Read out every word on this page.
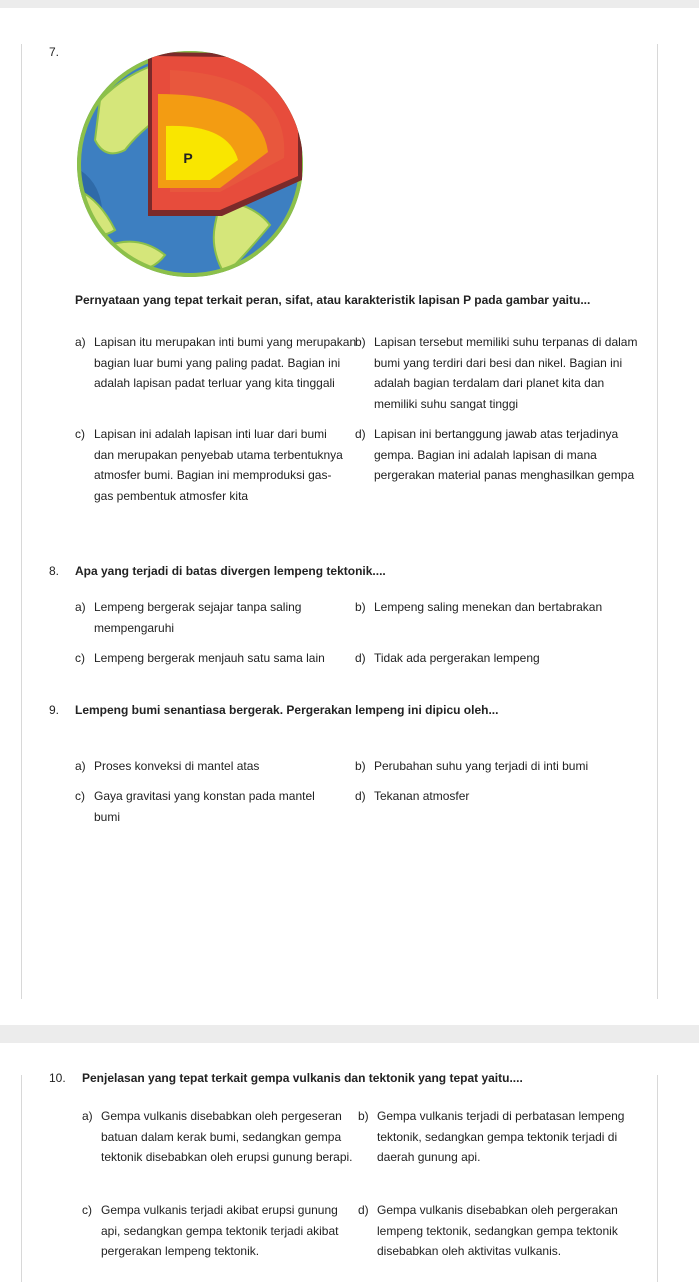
7.
P
Pernyataan yang tepat terkait peran, sifat, atau karakteristik lapisan P pada gambar yaitu...
a) Lapisan itu merupakan inti bumi yang merupakan bagian luar bumi yang paling padat. Bagian ini adalah lapisan padat terluar yang kita tinggali
b) Lapisan tersebut memiliki suhu terpanas di dalam bumi yang terdiri dari besi dan nikel. Bagian ini adalah bagian terdalam dari planet kita dan memiliki suhu sangat tinggi
c) Lapisan ini adalah lapisan inti luar dari bumi dan merupakan penyebab utama terbentuknya atmosfer bumi. Bagian ini memproduksi gas-gas pembentuk atmosfer kita
d) Lapisan ini bertanggung jawab atas terjadinya gempa. Bagian ini adalah lapisan di mana pergerakan material panas menghasilkan gempa
8. Apa yang terjadi di batas divergen lempeng tektonik....
a) Lempeng bergerak sejajar tanpa saling mempengaruhi
b) Lempeng saling menekan dan bertabrakan
c) Lempeng bergerak menjauh satu sama lain	d) Tidak ada pergerakan lempeng
9. Lempeng bumi senantiasa bergerak. Pergerakan lempeng ini dipicu oleh...
a) Proses konveksi di mantel atas	b) Perubahan suhu yang terjadi di inti bumi
c) Gaya gravitasi yang konstan pada mantel bumi
d) Tekanan atmosfer
10. Penjelasan yang tepat terkait gempa vulkanis dan tektonik yang tepat yaitu....
a) Gempa vulkanis disebabkan oleh pergeseran batuan dalam kerak bumi, sedangkan gempa tektonik disebabkan oleh erupsi gunung berapi.
b) Gempa vulkanis terjadi di perbatasan lempeng tektonik, sedangkan gempa tektonik terjadi di daerah gunung api.
c) Gempa vulkanis terjadi akibat erupsi gunung api, sedangkan gempa tektonik terjadi akibat pergerakan lempeng tektonik.
d) Gempa vulkanis disebabkan oleh pergerakan lempeng tektonik, sedangkan gempa tektonik disebabkan oleh aktivitas vulkanis.
